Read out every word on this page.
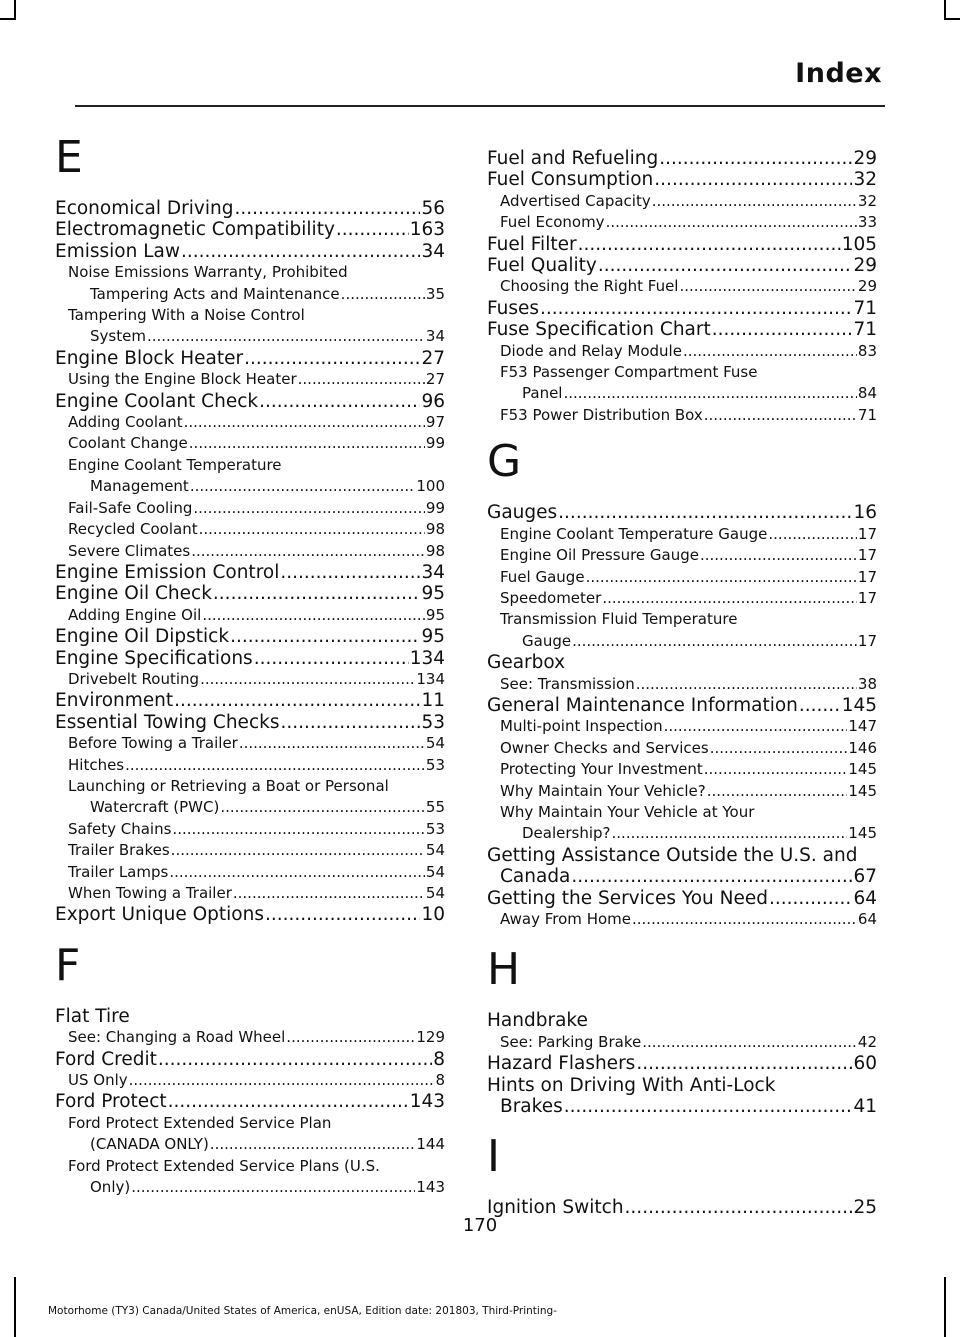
Index
E
Economical Driving .....	56
Electromagnetic Compatibility .....	163
Emission Law .....	34
Noise Emissions Warranty, Prohibited
Tampering Acts and Maintenance .....	35
Tampering With a Noise Control
System .....	34
Engine Block Heater .....	27
Using the Engine Block Heater .....	27
Engine Coolant Check .....	96
Adding Coolant .....	97
Coolant Change .....	99
Engine Coolant Temperature
Management .....	100
Fail-Safe Cooling .....	99
Recycled Coolant .....	98
Severe Climates .....	98
Engine Emission Control .....	34
Engine Oil Check .....	95
Adding Engine Oil .....	95
Engine Oil Dipstick .....	95
Engine Specifications .....	134
Drivebelt Routing .....	134
Environment .....	11
Essential Towing Checks .....	53
Before Towing a Trailer .....	54
Hitches .....	53
Launching or Retrieving a Boat or Personal
Watercraft (PWC) .....	55
Safety Chains .....	53
Trailer Brakes .....	54
Trailer Lamps .....	54
When Towing a Trailer .....	54
Export Unique Options .....	10
F
Flat Tire
See: Changing a Road Wheel .....	129
Ford Credit .....	8
US Only .....	8
Ford Protect .....	143
Ford Protect Extended Service Plan
(CANADA ONLY) .....	144
Ford Protect Extended Service Plans (U.S.
Only) .....	143
Fuel and Refueling .....	29
Fuel Consumption .....	32
Advertised Capacity .....	32
Fuel Economy .....	33
Fuel Filter .....	105
Fuel Quality .....	29
Choosing the Right Fuel .....	29
Fuses .....	71
Fuse Specification Chart .....	71
Diode and Relay Module .....	83
F53 Passenger Compartment Fuse
Panel .....	84
F53 Power Distribution Box .....	71
G
Gauges .....	16
Engine Coolant Temperature Gauge .....	17
Engine Oil Pressure Gauge .....	17
Fuel Gauge .....	17
Speedometer .....	17
Transmission Fluid Temperature
Gauge .....	17
Gearbox
See: Transmission .....	38
General Maintenance Information ..... 145
Multi-point Inspection .....	147
Owner Checks and Services .....	146
Protecting Your Investment .....	145
Why Maintain Your Vehicle? .....	145
Why Maintain Your Vehicle at Your
Dealership? .....	145
Getting Assistance Outside the U.S. and
Canada .....	67
Getting the Services You Need .....	64
Away From Home .....	64
H
Handbrake
See: Parking Brake .....	42
Hazard Flashers .....	60
Hints on Driving With Anti-Lock
Brakes .....	41
I
Ignition Switch .....	25
170
Motorhome (TY3) Canada/United States of America, enUSA, Edition date: 201803, Third-Printing-
